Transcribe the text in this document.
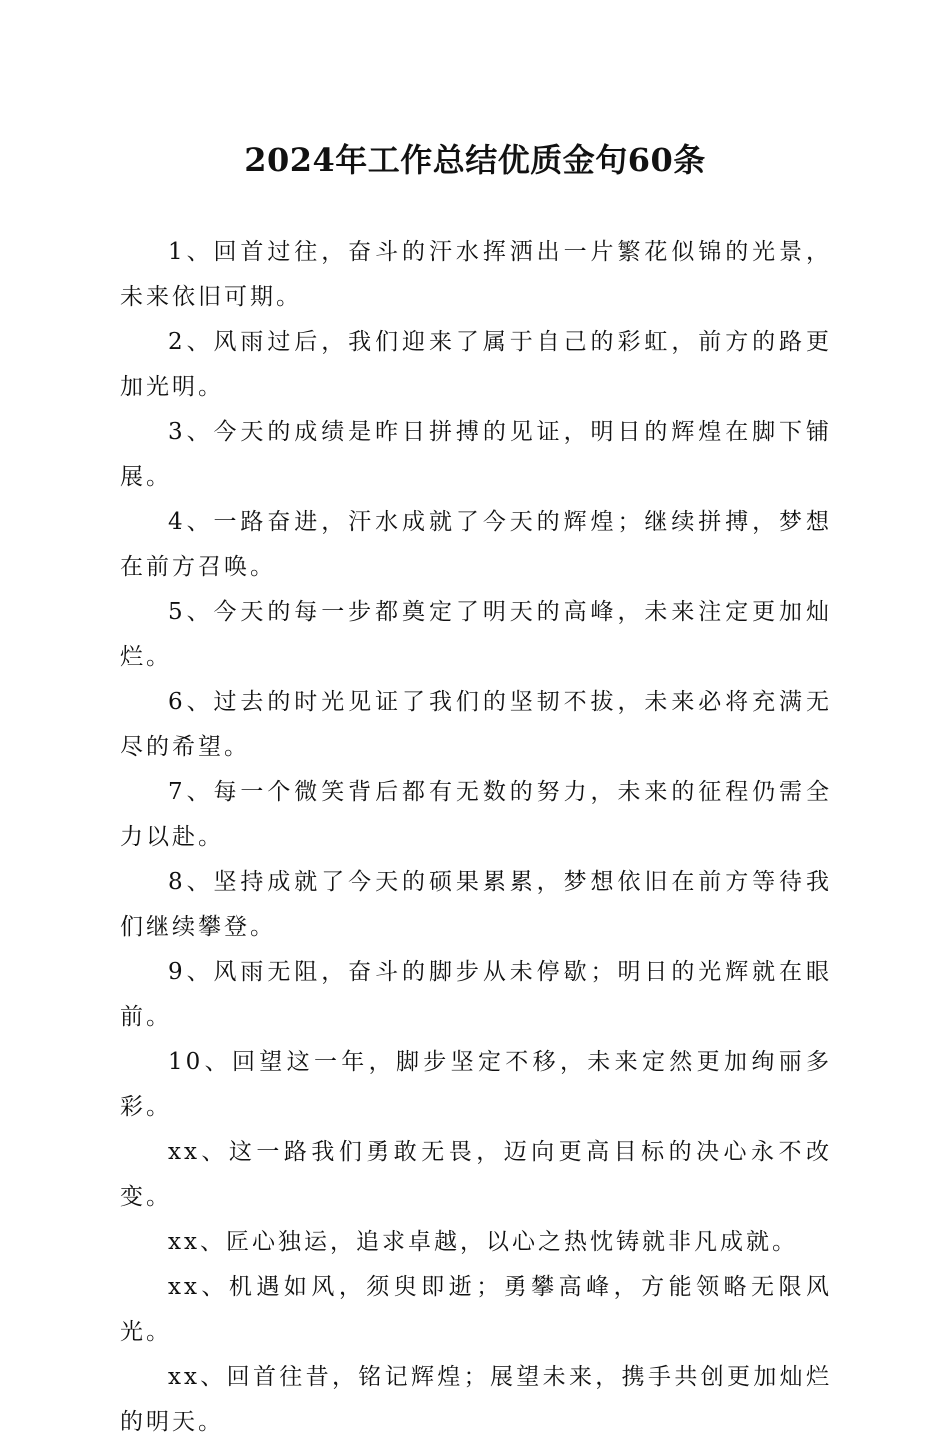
2024年工作总结优质金句60条

1、回首过往，奋斗的汗水挥洒出一片繁花似锦的光景，未来依旧可期。

2、风雨过后，我们迎来了属于自己的彩虹，前方的路更加光明。

3、今天的成绩是昨日拼搏的见证，明日的辉煌在脚下铺展。

4、一路奋进，汗水成就了今天的辉煌；继续拼搏，梦想在前方召唤。

5、今天的每一步都奠定了明天的高峰，未来注定更加灿烂。

6、过去的时光见证了我们的坚韧不拔，未来必将充满无尽的希望。

7、每一个微笑背后都有无数的努力，未来的征程仍需全力以赴。

8、坚持成就了今天的硕果累累，梦想依旧在前方等待我们继续攀登。

9、风雨无阻，奋斗的脚步从未停歇；明日的光辉就在眼前。

10、回望这一年，脚步坚定不移，未来定然更加绚丽多彩。

xx、这一路我们勇敢无畏，迈向更高目标的决心永不改变。

xx、匠心独运，追求卓越，以心之热忱铸就非凡成就。

xx、机遇如风，须臾即逝；勇攀高峰，方能领略无限风光。

xx、回首往昔，铭记辉煌；展望未来，携手共创更加灿烂的明天。
